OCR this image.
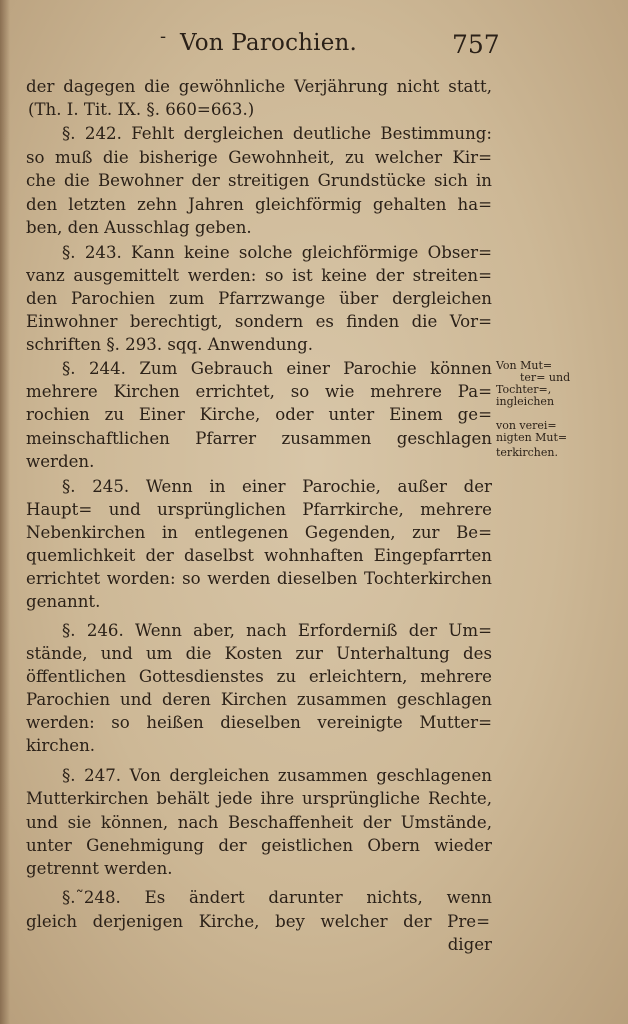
- Von Parochien.	757
der dagegen die gewöhnliche Verjährung nicht statt,
(Th. I. Tit. IX. §. 660=663.)
§. 242. Fehlt dergleichen deutliche Bestimmung:
so muß die bisherige Gewohnheit, zu welcher Kir=
che die Bewohner der streitigen Grundstücke sich in
den letzten zehn Jahren gleichförmig gehalten ha=
ben, den Ausschlag geben.
§. 243. Kann keine solche gleichförmige Obser=
vanz ausgemittelt werden: so ist keine der streiten=
den Parochien zum Pfarrzwange über dergleichen
Einwohner berechtigt, sondern es finden die Vor=
schriften §. 293. sqq. Anwendung.
§. 244. Zum Gebrauch einer Parochie können
mehrere Kirchen errichtet, so wie mehrere Pa=
rochien zu Einer Kirche, oder unter Einem ge=
meinschaftlichen Pfarrer zusammen geschlagen
werden.
§. 245. Wenn in einer Parochie, außer der
Haupt= und ursprünglichen Pfarrkirche, mehrere
Nebenkirchen in entlegenen Gegenden, zur Be=
quemlichkeit der daselbst wohnhaften Eingepfarrten
errichtet worden: so werden dieselben Tochterkirchen
genannt.
§. 246. Wenn aber, nach Erforderniß der Um=
stände, und um die Kosten zur Unterhaltung des
öffentlichen Gottesdienstes zu erleichtern, mehrere
Parochien und deren Kirchen zusammen geschlagen
werden: so heißen dieselben vereinigte Mutter=
kirchen.
§. 247. Von dergleichen zusammen geschlagenen
Mutterkirchen behält jede ihre ursprüngliche Rechte,
und sie können, nach Beschaffenheit der Umstände,
unter Genehmigung der geistlichen Obern wieder
getrennt werden.
§.˜248. Es ändert darunter nichts, wenn
gleich derjenigen Kirche, bey welcher der Pre=
diger
Von Mut=
ter= und
Tochter=,
ingleichen
von verei=
nigten Mut=
terkirchen.
